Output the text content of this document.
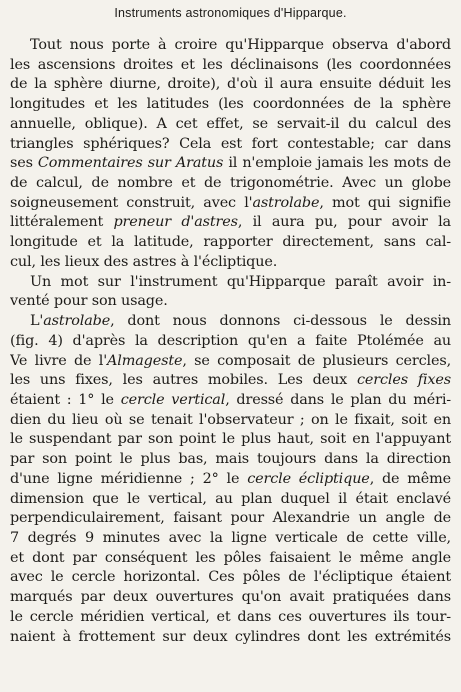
Instruments astronomiques d'Hipparque.
Tout nous porte à croire qu'Hipparque observa d'abord
les ascensions droites et les déclinaisons (les coordonnées
de la sphère diurne, droite), d'où il aura ensuite déduit les
longitudes et les latitudes (les coordonnées de la sphère
annuelle, oblique). A cet effet, se servait-il du calcul des
triangles sphériques? Cela est fort contestable; car dans
ses Commentaires sur Aratus il n'emploie jamais les mots de
de calcul, de nombre et de trigonométrie. Avec un globe
soigneusement construit, avec l'astrolabe, mot qui signifie
littéralement preneur d'astres, il aura pu, pour avoir la
longitude et la latitude, rapporter directement, sans cal-
cul, les lieux des astres à l'écliptique.
Un mot sur l'instrument qu'Hipparque paraît avoir in-
venté pour son usage.
L'astrolabe, dont nous donnons ci-dessous le dessin
(fig. 4) d'après la description qu'en a faite Ptolémée au
Ve livre de l'Almageste, se composait de plusieurs cercles,
les uns fixes, les autres mobiles. Les deux cercles fixes
étaient : 1° le cercle vertical, dressé dans le plan du méri-
dien du lieu où se tenait l'observateur ; on le fixait, soit en
le suspendant par son point le plus haut, soit en l'appuyant
par son point le plus bas, mais toujours dans la direction
d'une ligne méridienne ; 2° le cercle écliptique, de même
dimension que le vertical, au plan duquel il était enclavé
perpendiculairement, faisant pour Alexandrie un angle de
7 degrés 9 minutes avec la ligne verticale de cette ville,
et dont par conséquent les pôles faisaient le même angle
avec le cercle horizontal. Ces pôles de l'écliptique étaient
marqués par deux ouvertures qu'on avait pratiquées dans
le cercle méridien vertical, et dans ces ouvertures ils tour-
naient à frottement sur deux cylindres dont les extrémités
